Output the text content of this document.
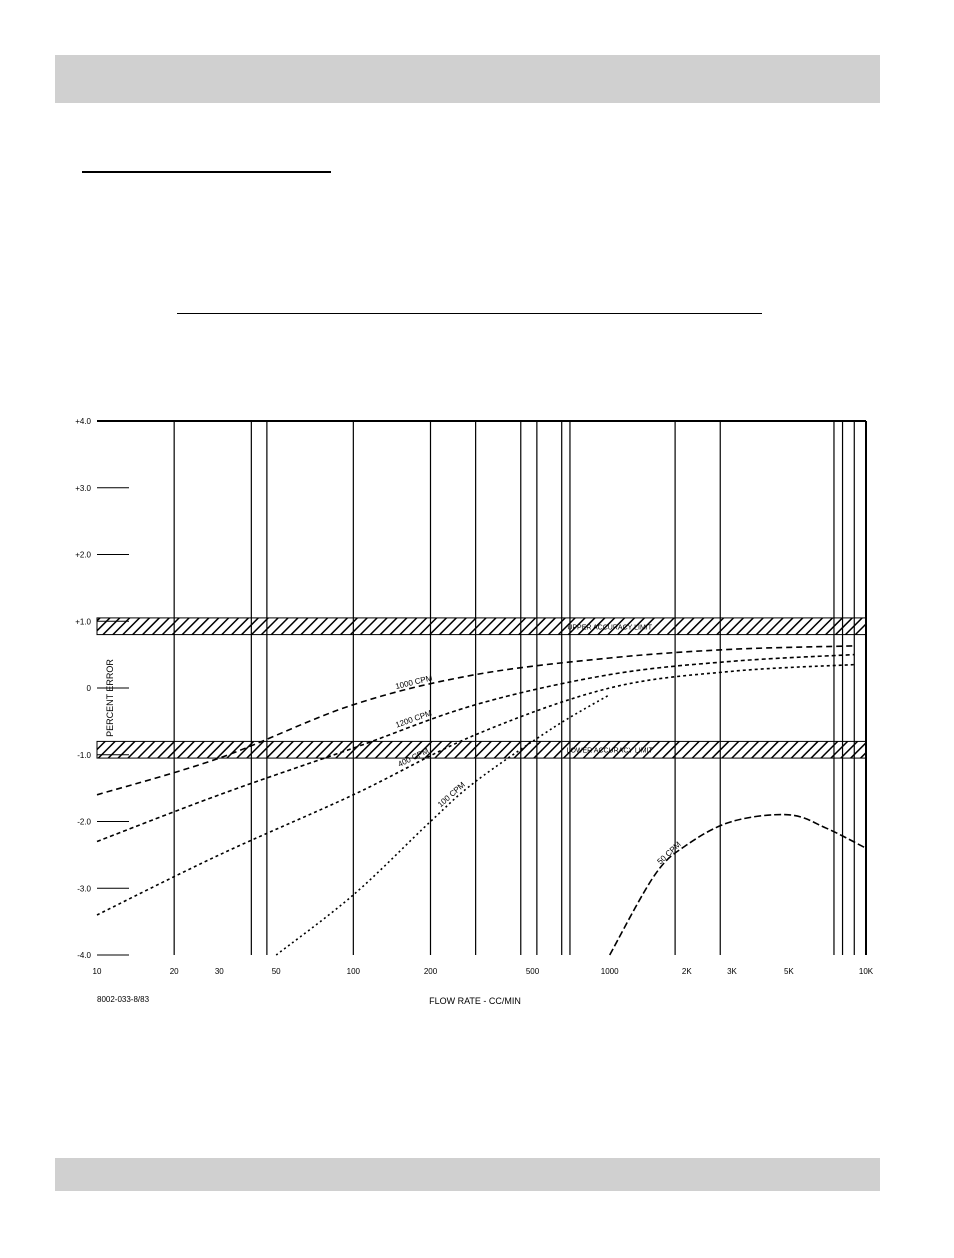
UPPER ACCURACY LIMIT
LOWER ACCURACY LIMIT
1000 CPM
1200 CPM
400 CPM
100 CPM
50 CPM
+4.0
+3.0
+2.0
+1.0
0
-1.0
-2.0
-3.0
-4.0
10	20	30	50	100	200	500	1000	2K	3K	5K	10K
FLOW RATE - CC/MIN
8002-033-8/83
PERCENT ERROR
